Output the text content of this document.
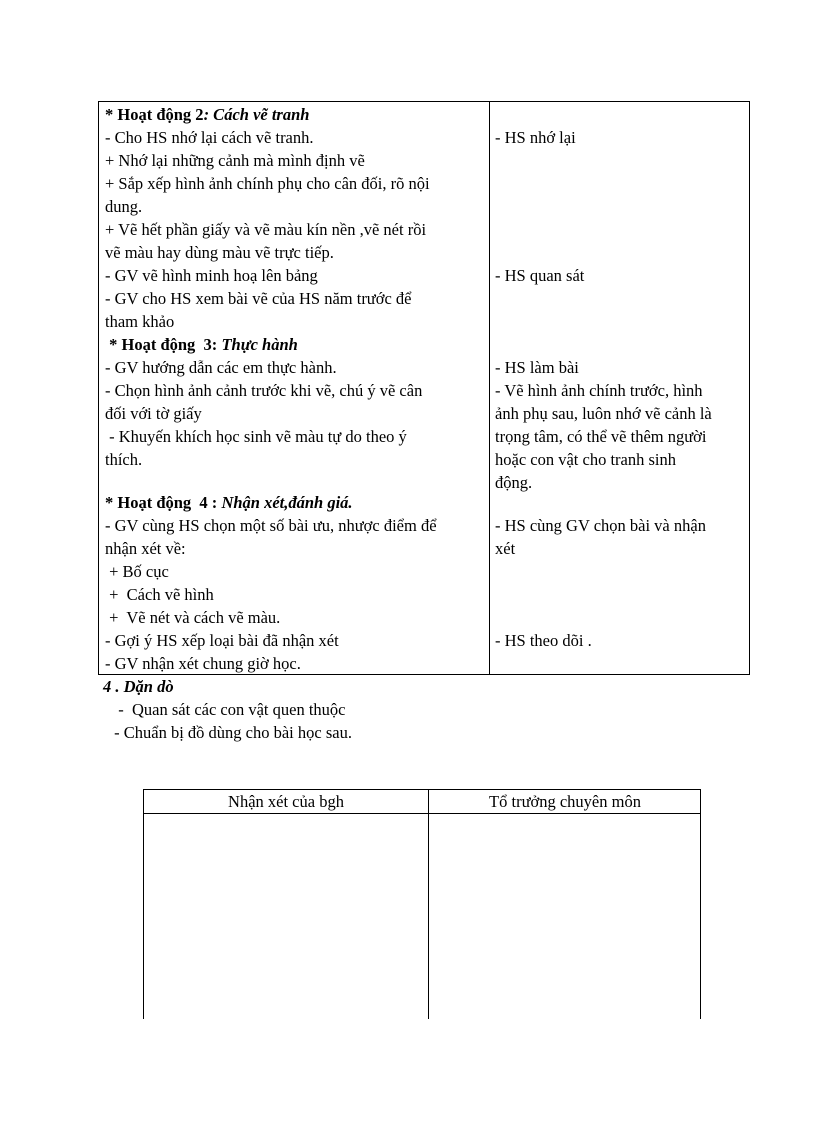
* Hoạt động 2: Cách vẽ tranh
- Cho HS nhớ lại cách vẽ tranh.
+ Nhớ lại những cảnh mà mình định vẽ
+ Sắp xếp hình ảnh chính phụ cho cân đối, rõ nội
dung.
+ Vẽ hết phần giấy và vẽ màu kín nền ,vẽ nét rồi
vẽ màu hay dùng màu vẽ trực tiếp.
- GV vẽ hình minh hoạ lên bảng
- GV cho HS xem bài vẽ của HS năm trước để
tham khảo
- HS nhớ lại
- HS quan sát
* Hoạt động  3: Thực hành
- GV hướng dẫn các em thực hành.
- Chọn hình ảnh cảnh trước khi vẽ, chú ý vẽ cân
đối với tờ giấy
- Khuyến khích học sinh vẽ màu tự do theo ý
thích.
- HS làm bài
- Vẽ hình ảnh chính trước, hình
ảnh phụ sau, luôn nhớ vẽ cảnh là
trọng tâm, có thể vẽ thêm người
hoặc con vật cho tranh sinh
động.
* Hoạt động  4 : Nhận xét,đánh giá.
- GV cùng HS chọn một số bài ưu, nhược điểm để
nhận xét về:
+ Bố cục
+  Cách vẽ hình
+  Vẽ nét và cách vẽ màu.
- Gợi ý HS xếp loại bài đã nhận xét
- GV nhận xét chung giờ học.
- HS cùng GV chọn bài và nhận
xét
- HS theo dõi .
4 . Dặn dò
-  Quan sát các con vật quen thuộc
- Chuẩn bị đồ dùng cho bài học sau.
Nhận xét của bgh	Tổ trưởng chuyên môn
